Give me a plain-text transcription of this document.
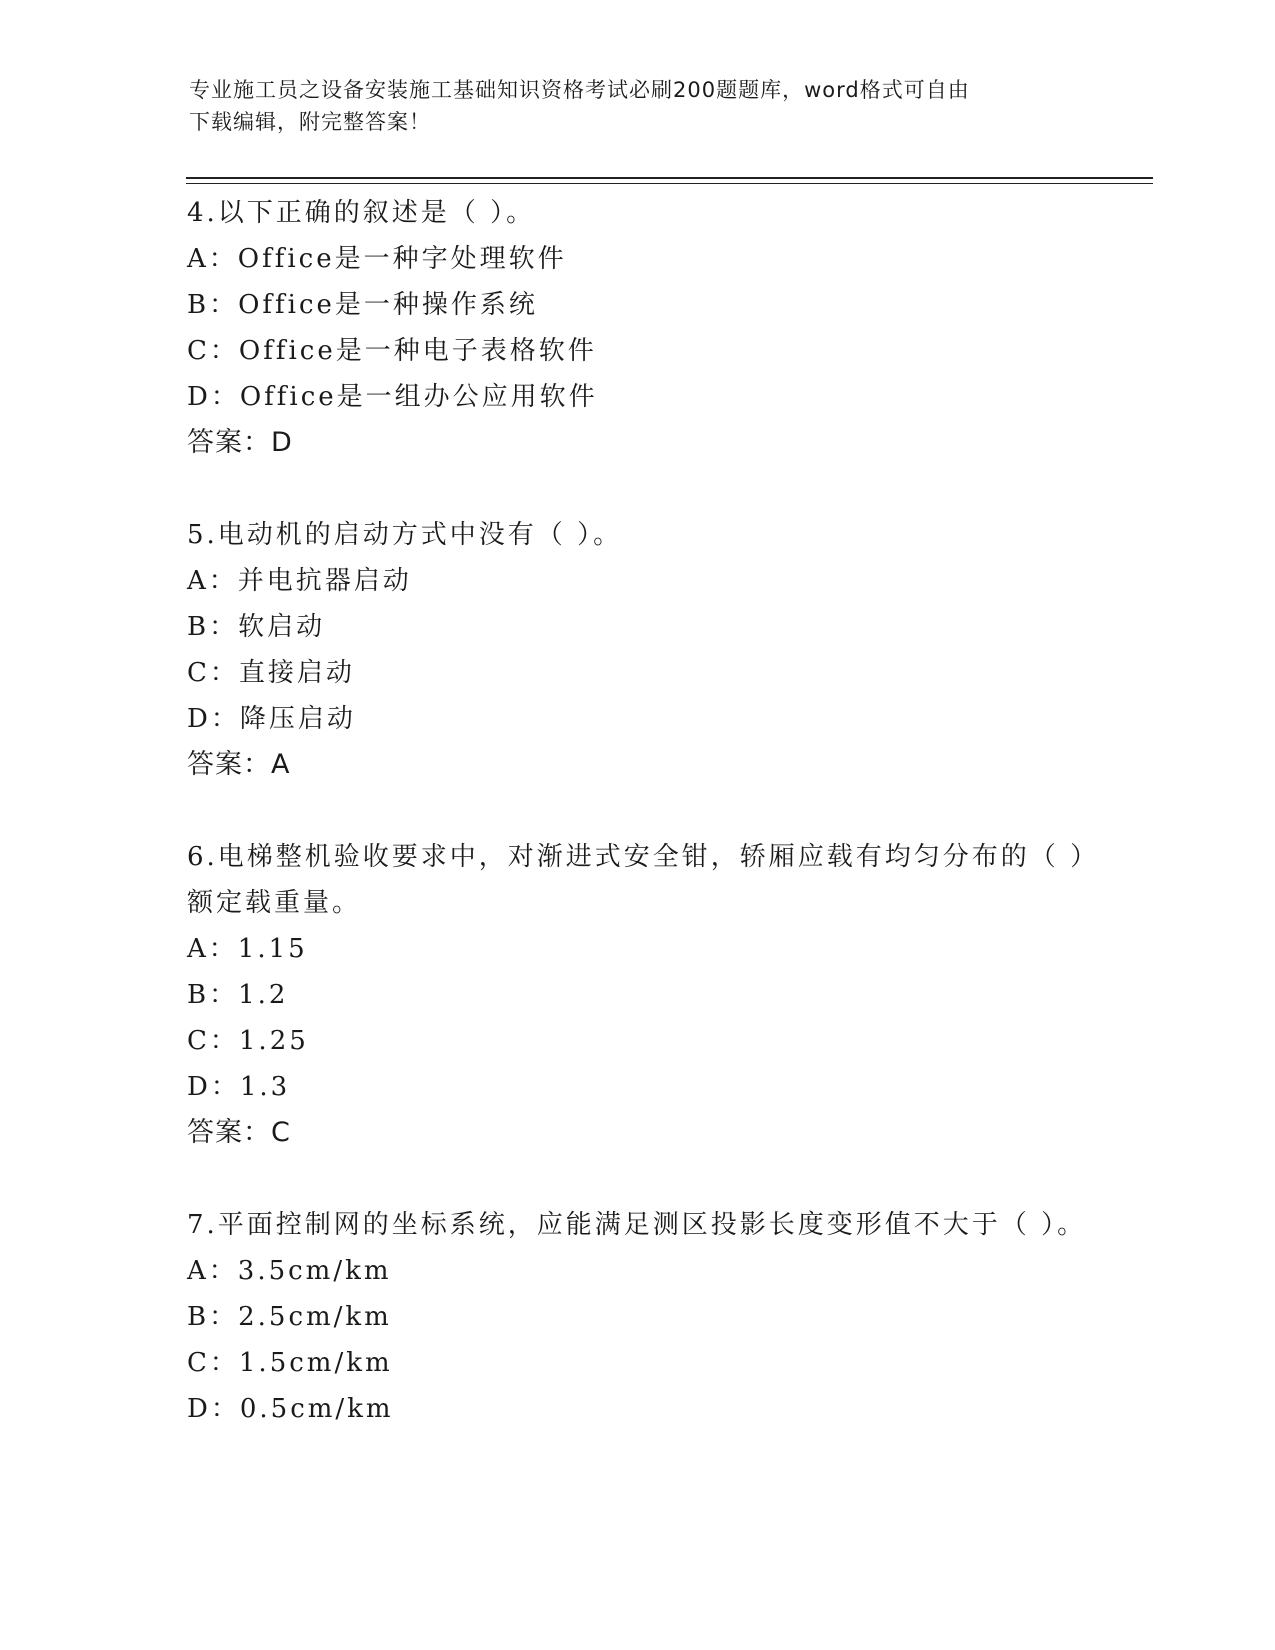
专业施工员之设备安装施工基础知识资格考试必刷200题题库，word格式可自由
下载编辑，附完整答案！
4.以下正确的叙述是（ ）。
A：Office是一种字处理软件
B：Office是一种操作系统
C：Office是一种电子表格软件
D：Office是一组办公应用软件
答案：D
5.电动机的启动方式中没有（ ）。
A：并电抗器启动
B：软启动
C：直接启动
D：降压启动
答案：A
6.电梯整机验收要求中，对渐进式安全钳，轿厢应载有均匀分布的（ ）额定载重量。
A：1.15
B：1.2
C：1.25
D：1.3
答案：C
7.平面控制网的坐标系统，应能满足测区投影长度变形值不大于（ ）。
A：3.5cm/km
B：2.5cm/km
C：1.5cm/km
D：0.5cm/km
